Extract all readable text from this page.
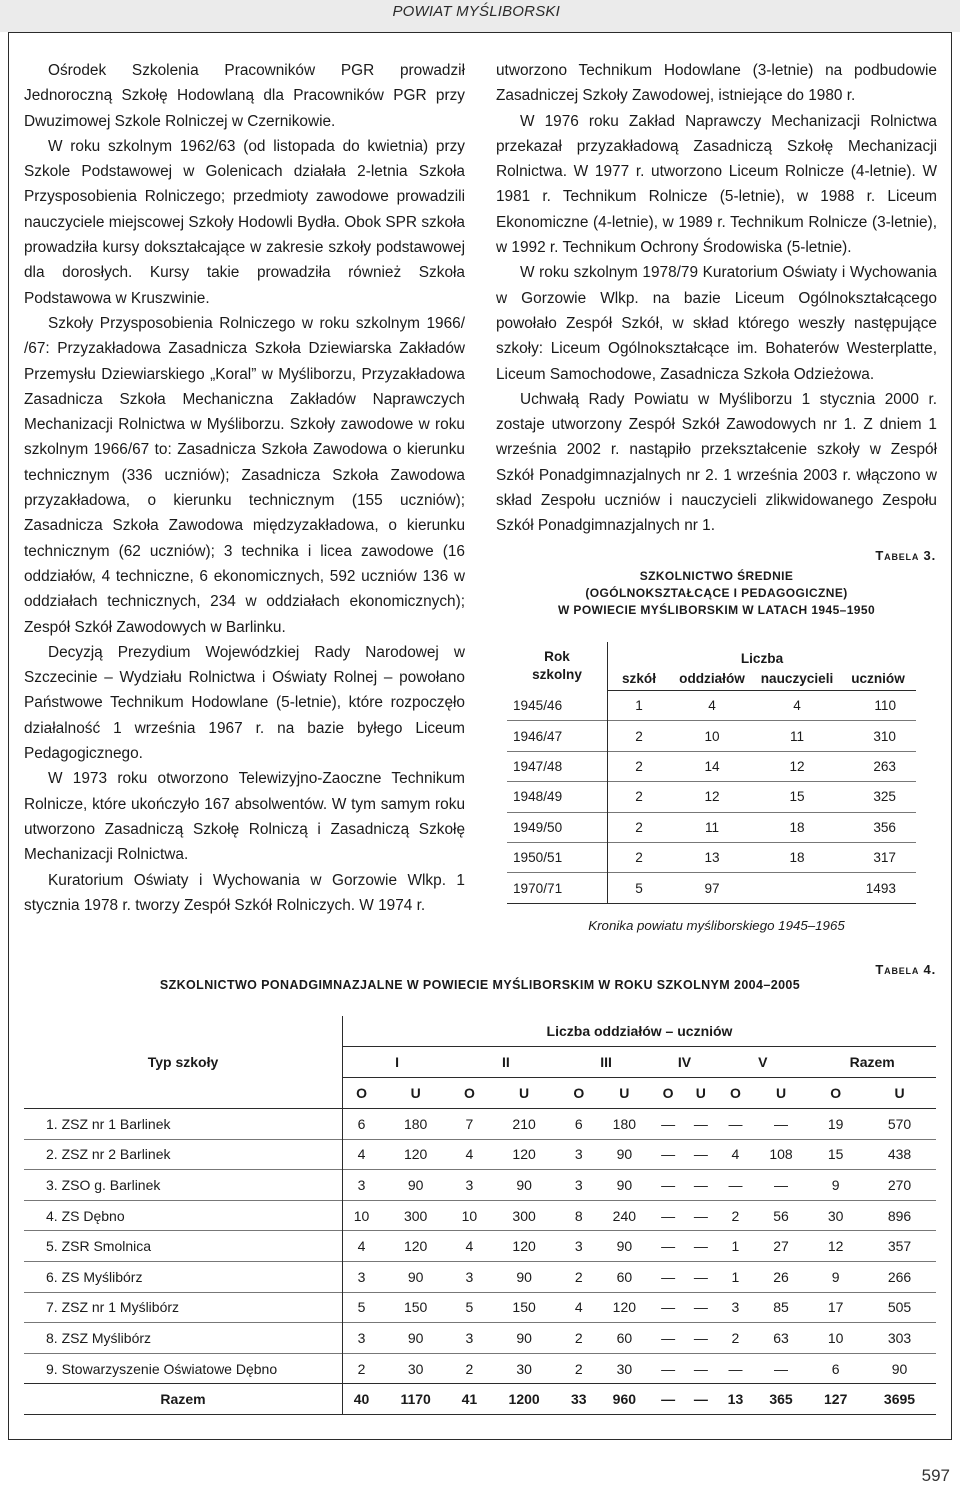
POWIAT MYŚLIBORSKI

Ośrodek Szkolenia Pracowników PGR prowadził Jednoroczną Szkołę Hodowlaną dla Pracowników PGR przy Dwuzimowej Szkole Rolniczej w Czernikowie.

W roku szkolnym 1962/63 (od listopada do kwietnia) przy Szkole Podstawowej w Golenicach działała 2-letnia Szkoła Przysposobienia Rolniczego; przedmioty zawodowe prowadzili nauczyciele miejscowej Szkoły Hodowli Bydła. Obok SPR szkoła prowadziła kursy dokształcające w zakresie szkoły podstawowej dla dorosłych. Kursy takie prowadziła również Szkoła Podstawowa w Kruszwinie.

Szkoły Przysposobienia Rolniczego w roku szkolnym 1966/ /67: Przyzakładowa Zasadnicza Szkoła Dziewiarska Zakładów Przemysłu Dziewiarskiego „Koral” w Myśliborzu, Przyzakładowa Zasadnicza Szkoła Mechaniczna Zakładów Naprawczych Mechanizacji Rolnictwa w Myśliborzu. Szkoły zawodowe w roku szkolnym 1966/67 to: Zasadnicza Szkoła Zawodowa o kierunku technicznym (336 uczniów); Zasadnicza Szkoła Zawodowa przyzakładowa, o kierunku technicznym (155 uczniów); Zasadnicza Szkoła Zawodowa międzyzakładowa, o kierunku technicznym (62 uczniów); 3 technika i licea zawodowe (16 oddziałów, 4 techniczne, 6 ekonomicznych, 592 uczniów 136 w oddziałach technicznych, 234 w oddziałach ekonomicznych); Zespół Szkół Zawodowych w Barlinku.

Decyzją Prezydium Wojewódzkiej Rady Narodowej w Szczecinie – Wydziału Rolnictwa i Oświaty Rolnej – powołano Państwowe Technikum Hodowlane (5-letnie), które rozpoczęło działalność 1 września 1967 r. na bazie byłego Liceum Pedagogicznego.

W 1973 roku otworzono Telewizyjno-Zaoczne Technikum Rolnicze, które ukończyło 167 absolwentów. W tym samym roku utworzono Zasadniczą Szkołę Rolniczą i Zasadniczą Szkołę Mechanizacji Rolnictwa.

Kuratorium Oświaty i Wychowania w Gorzowie Wlkp. 1 stycznia 1978 r. tworzy Zespół Szkół Rolniczych. W 1974 r.

utworzono Technikum Hodowlane (3-letnie) na podbudowie Zasadniczej Szkoły Zawodowej, istniejące do 1980 r.

W 1976 roku Zakład Naprawczy Mechanizacji Rolnictwa przekazał przyzakładową Zasadniczą Szkołę Mechanizacji Rolnictwa. W 1977 r. utworzono Liceum Rolnicze (4-letnie). W 1981 r. Technikum Rolnicze (5-letnie), w 1988 r. Liceum Ekonomiczne (4-letnie), w 1989 r. Technikum Rolnicze (3-letnie), w 1992 r. Technikum Ochrony Środowiska (5-letnie).

W roku szkolnym 1978/79 Kuratorium Oświaty i Wychowania w Gorzowie Wlkp. na bazie Liceum Ogólnokształcącego powołało Zespół Szkół, w skład którego weszły następujące szkoły: Liceum Ogólnokształcące im. Bohaterów Westerplatte, Liceum Samochodowe, Zasadnicza Szkoła Odzieżowa.

Uchwałą Rady Powiatu w Myśliborzu 1 stycznia 2000 r. zostaje utworzony Zespół Szkół Zawodowych nr 1. Z dniem 1 września 2002 r. nastąpiło przekształcenie szkoły w Zespół Szkół Ponadgimnazjalnych nr 2. 1 września 2003 r. włączono w skład Zespołu uczniów i nauczycieli zlikwidowanego Zespołu Szkół Ponadgimnazjalnych nr 1.

Tabela 3.
SZKOLNICTWO ŚREDNIE
(OGÓLNOKSZTAŁCĄCE I PEDAGOGICZNE)
W POWIECIE MYŚLIBORSKIM W LATACH 1945–1950
Rok szkolny	Liczba			
	szkół	oddziałów	nauczycieli	uczniów
1945/46	1	4	4	110
1946/47	2	10	11	310
1947/48	2	14	12	263
1948/49	2	12	15	325
1949/50	2	11	18	356
1950/51	2	13	18	317
1970/71	5	97		1493
Kronika powiatu myśliborskiego 1945–1965
Tabela 4.
SZKOLNICTWO PONADGIMNAZJALNE W POWIECIE MYŚLIBORSKIM W ROKU SZKOLNYM 2004–2005
Typ szkoły	Liczba oddziałów – uczniów											
	I		II		III		IV		V		Razem	
	O	U	O	U	O	U	O	U	O	U	O	U
1. ZSZ nr 1 Barlinek	6	180	7	210	6	180	—	—	—	—	19	570
2. ZSZ nr 2 Barlinek	4	120	4	120	3	90	—	—	4	108	15	438
3. ZSO g. Barlinek	3	90	3	90	3	90	—	—	—	—	9	270
4. ZS Dębno	10	300	10	300	8	240	—	—	2	56	30	896
5. ZSR Smolnica	4	120	4	120	3	90	—	—	1	27	12	357
6. ZS Myślibórz	3	90	3	90	2	60	—	—	1	26	9	266
7. ZSZ nr 1 Myślibórz	5	150	5	150	4	120	—	—	3	85	17	505
8. ZSZ Myślibórz	3	90	3	90	2	60	—	—	2	63	10	303
9. Stowarzyszenie Oświatowe Dębno	2	30	2	30	2	30	—	—	—	—	6	90
Razem	40	1170	41	1200	33	960	—	—	13	365	127	3695
597
